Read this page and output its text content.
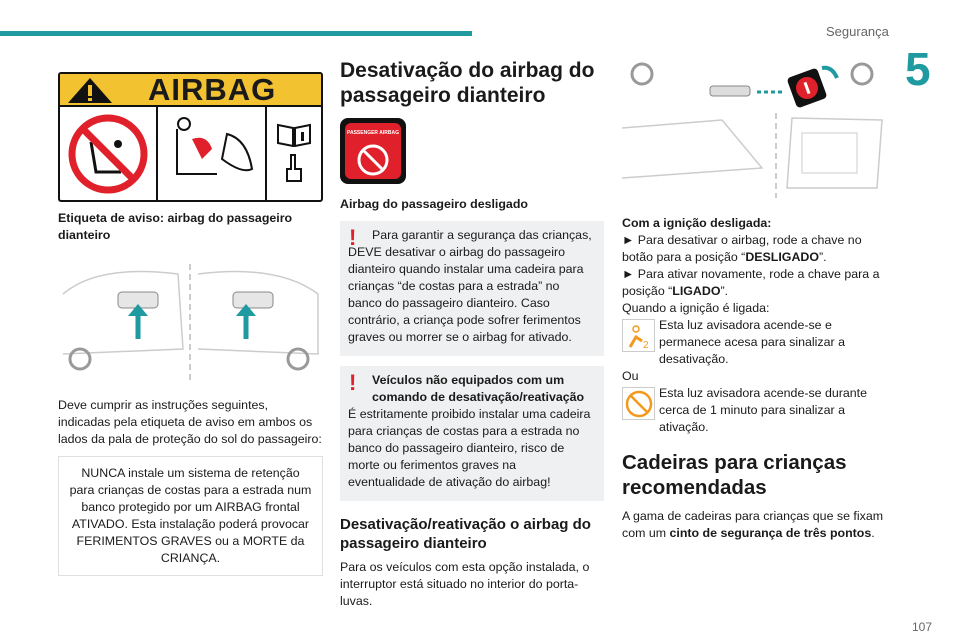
Segurança
5
107
AIRBAG

Etiqueta de aviso: airbag do passageiro dianteiro

Deve cumprir as instruções seguintes, indicadas pela etiqueta de aviso em ambos os lados da pala de proteção do sol do passageiro:

NUNCA instale um sistema de retenção para crianças de costas para a estrada num banco protegido por um AIRBAG frontal ATIVADO. Esta instalação poderá provocar FERIMENTOS GRAVES ou a MORTE da CRIANÇA.
Desativação do airbag do passageiro dianteiro
PASSENGER AIRBAG

Airbag do passageiro desligado

!	Para garantir a segurança das crianças, DEVE desativar o airbag do passageiro dianteiro quando instalar uma cadeira para crianças “de costas para a estrada” no banco do passageiro dianteiro. Caso contrário, a criança pode sofrer ferimentos graves ou morrer se o airbag for ativado.

!	Veículos não equipados com um comando de desativação/reativação

É estritamente proibido instalar uma cadeira para crianças de costas para a estrada no banco do passageiro dianteiro, risco de morte ou ferimentos graves na eventualidade de ativação do airbag!

Desativação/reativação o airbag do passageiro dianteiro

Para os veículos com esta opção instalada, o interruptor está situado no interior do porta-luvas.

Com a ignição desligada:

► Para desativar o airbag, rode a chave no botão para a posição “DESLIGADO”.

► Para ativar novamente, rode a chave para a posição “LIGADO”.

Quando a ignição é ligada:

2

Esta luz avisadora acende-se e permanece acesa para sinalizar a desativação.

Ou

Esta luz avisadora acende-se durante cerca de 1 minuto para sinalizar a ativação.

Cadeiras para crianças recomendadas

A gama de cadeiras para crianças que se fixam com um cinto de segurança de três pontos.
